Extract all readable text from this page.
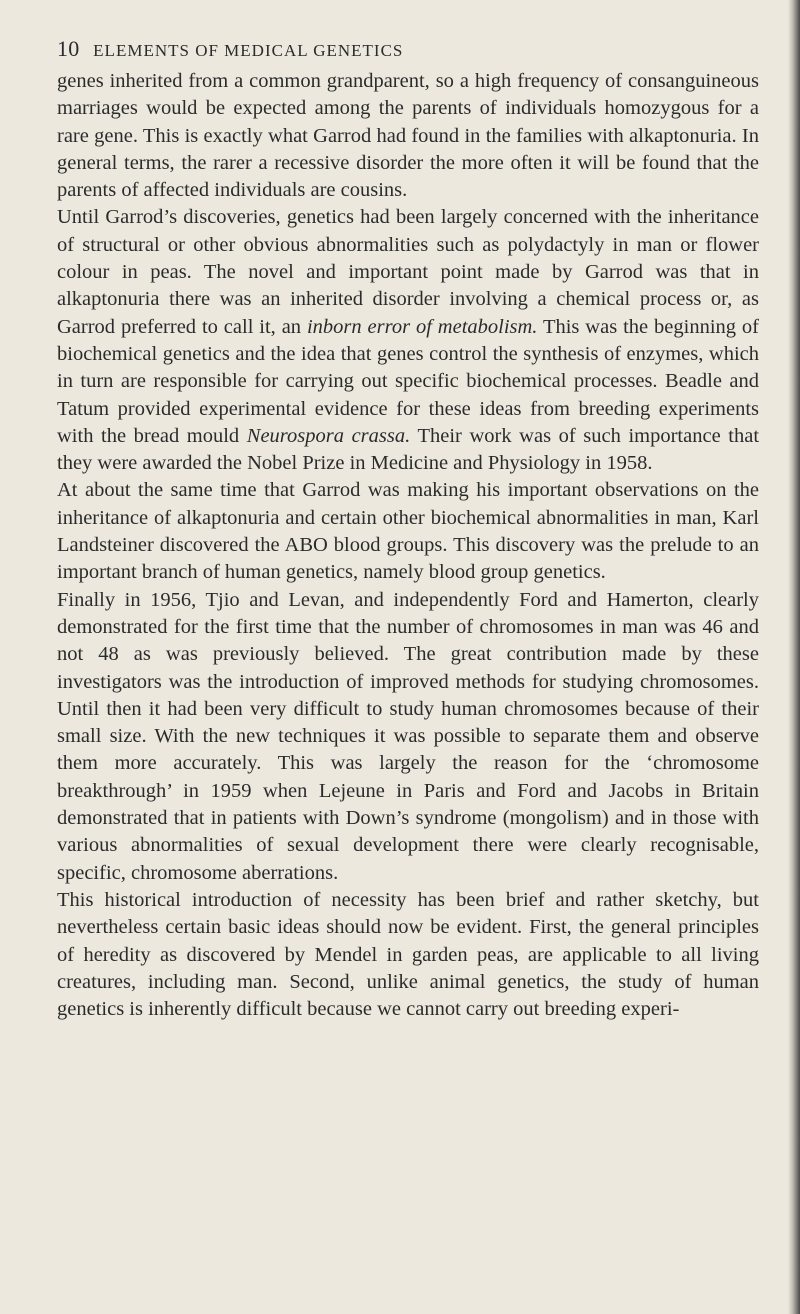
10 ELEMENTS OF MEDICAL GENETICS

genes inherited from a common grandparent, so a high frequency of consanguineous marriages would be expected among the parents of individuals homozygous for a rare gene. This is exactly what Garrod had found in the families with alkaptonuria. In general terms, the rarer a recessive disorder the more often it will be found that the parents of affected individuals are cousins.

Until Garrod’s discoveries, genetics had been largely concerned with the inheritance of structural or other obvious abnormalities such as polydactyly in man or flower colour in peas. The novel and important point made by Garrod was that in alkaptonuria there was an inherited disorder involving a chemical process or, as Garrod preferred to call it, an inborn error of metabolism. This was the beginning of biochemical genetics and the idea that genes control the synthesis of enzymes, which in turn are responsible for carrying out specific biochemical processes. Beadle and Tatum provided experimental evidence for these ideas from breeding experiments with the bread mould Neurospora crassa. Their work was of such importance that they were awarded the Nobel Prize in Medicine and Physiology in 1958.

At about the same time that Garrod was making his important observations on the inheritance of alkaptonuria and certain other biochemical abnormalities in man, Karl Landsteiner discovered the ABO blood groups. This discovery was the prelude to an important branch of human genetics, namely blood group genetics.

Finally in 1956, Tjio and Levan, and independently Ford and Hamerton, clearly demonstrated for the first time that the number of chromosomes in man was 46 and not 48 as was previously believed. The great contribution made by these investigators was the introduction of improved methods for studying chromosomes. Until then it had been very difficult to study human chromosomes because of their small size. With the new techniques it was possible to separate them and observe them more accurately. This was largely the reason for the ‘chromosome breakthrough’ in 1959 when Lejeune in Paris and Ford and Jacobs in Britain demonstrated that in patients with Down’s syndrome (mongolism) and in those with various abnormalities of sexual development there were clearly recognisable, specific, chromosome aberrations.

This historical introduction of necessity has been brief and rather sketchy, but nevertheless certain basic ideas should now be evident. First, the general principles of heredity as discovered by Mendel in garden peas, are applicable to all living creatures, including man. Second, unlike animal genetics, the study of human genetics is inherently difficult because we cannot carry out breeding experi-
